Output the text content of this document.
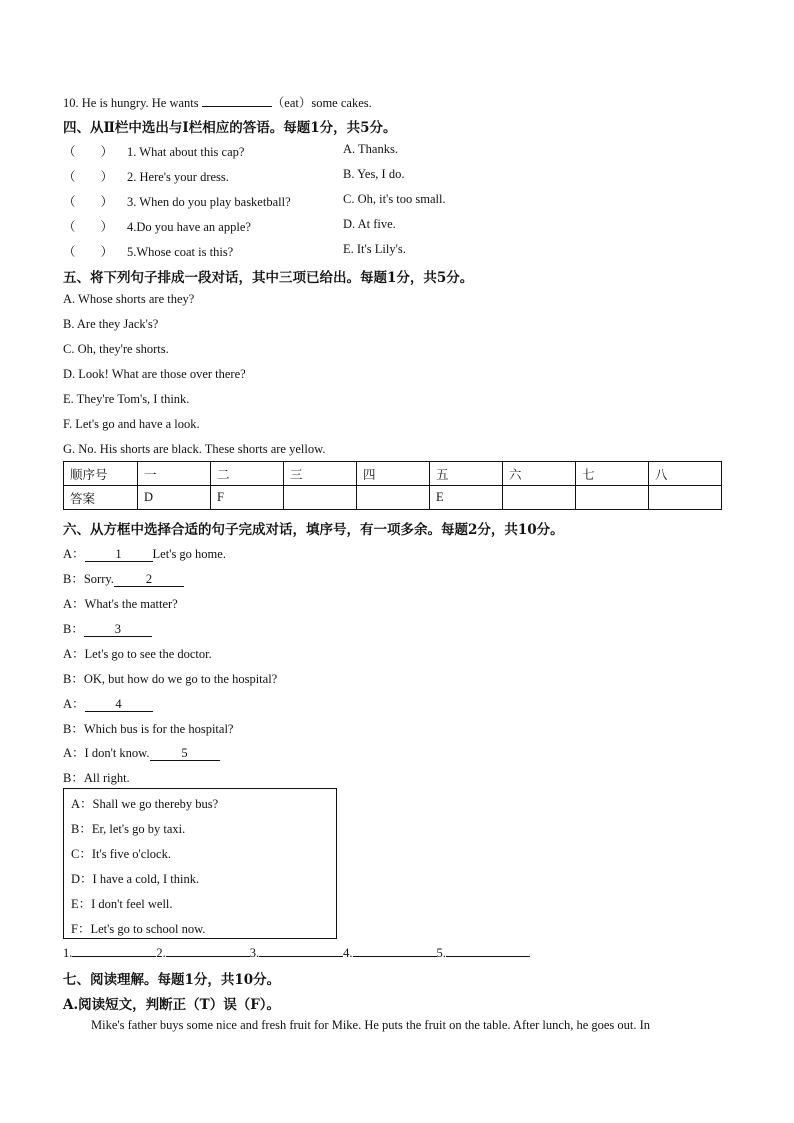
10. He is hungry. He wants	（eat）some cakes.
四、从Ⅱ栏中选出与Ⅰ栏相应的答语。每题1分，共5分。
（　　） 1. What about this cap?	A. Thanks.
（　　） 2. Here's your dress.	B. Yes, I do.
（　　） 3. When do you play basketball?	C. Oh, it's too small.
（　　） 4.Do you have an apple?	D. At five.
（　　） 5.Whose coat is this?	E. It's Lily's.
五、将下列句子排成一段对话，其中三项已给出。每题1分，共5分。
A. Whose shorts are they?
B. Are they Jack's?
C. Oh, they're shorts.
D. Look! What are those over there?
E. They're Tom's, I think.
F. Let's go and have a look.
G. No. His shorts are black. These shorts are yellow.
顺序号	一	二	三	四	五	六	七	八
答案	D	F			E			
六、从方框中选择合适的句子完成对话，填序号，有一项多余。每题2分，共10分。
A： 1 Let's go home.
B：Sorry.	2
A：What's the matter?
B： 3
A：Let's go to see the doctor.
B：OK, but how do we go to the hospital?
A： 4
B：Which bus is for the hospital?
A：I don't know.	5
B：All right.
A：Shall we go thereby bus?
B：Er, let's go by taxi.
C：It's five o'clock.
D：I have a cold, I think.
E：I don't feel well.
F：Let's go to school now.
1.	2.	3.	4.	5.
七、阅读理解。每题1分，共10分。
A.阅读短文，判断正（T）误（F）。
Mike's father buys some nice and fresh fruit for Mike. He puts the fruit on the table. After lunch, he goes out. In
